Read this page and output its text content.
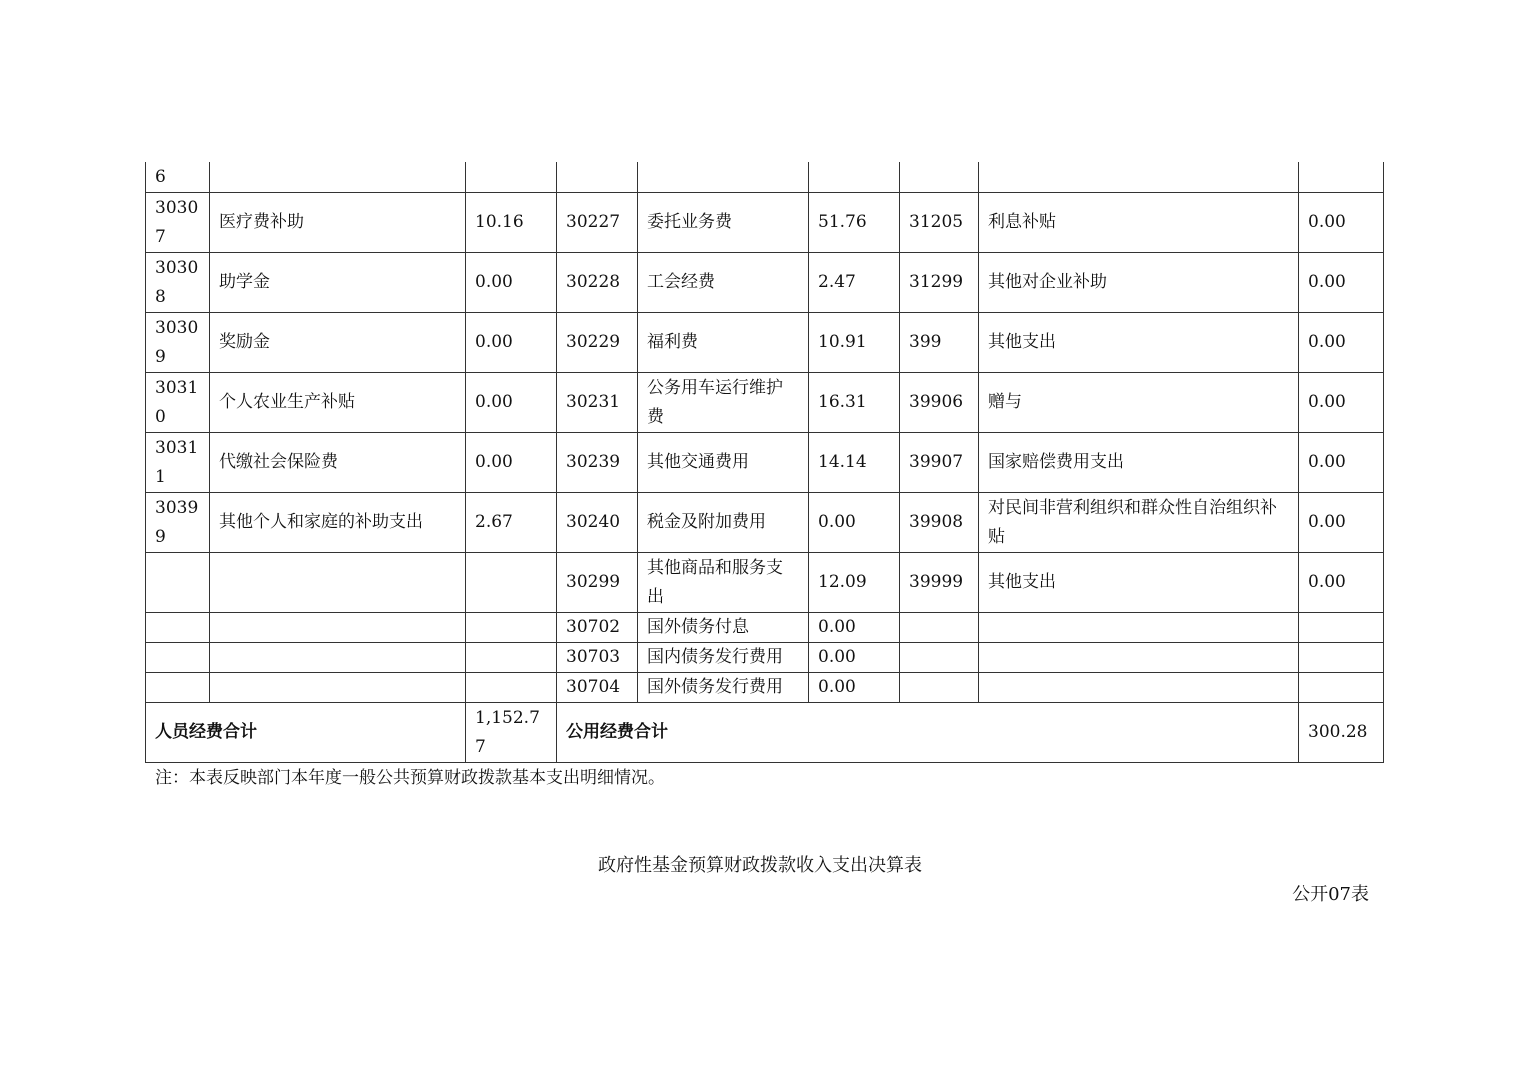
6								
30307	医疗费补助	10.16	30227	委托业务费	51.76	31205	利息补贴	0.00
30308	助学金	0.00	30228	工会经费	2.47	31299	其他对企业补助	0.00
30309	奖励金	0.00	30229	福利费	10.91	399	其他支出	0.00
30310	个人农业生产补贴	0.00	30231	公务用车运行维护费	16.31	39906	赠与	0.00
30311	代缴社会保险费	0.00	30239	其他交通费用	14.14	39907	国家赔偿费用支出	0.00
30399	其他个人和家庭的补助支出	2.67	30240	税金及附加费用	0.00	39908	对民间非营利组织和群众性自治组织补贴	0.00
			30299	其他商品和服务支出	12.09	39999	其他支出	0.00
			30702	国外债务付息	0.00			
			30703	国内债务发行费用	0.00			
			30704	国外债务发行费用	0.00			
人员经费合计		1,152.77	公用经费合计					300.28
注：本表反映部门本年度一般公共预算财政拨款基本支出明细情况。
政府性基金预算财政拨款收入支出决算表
公开07表
